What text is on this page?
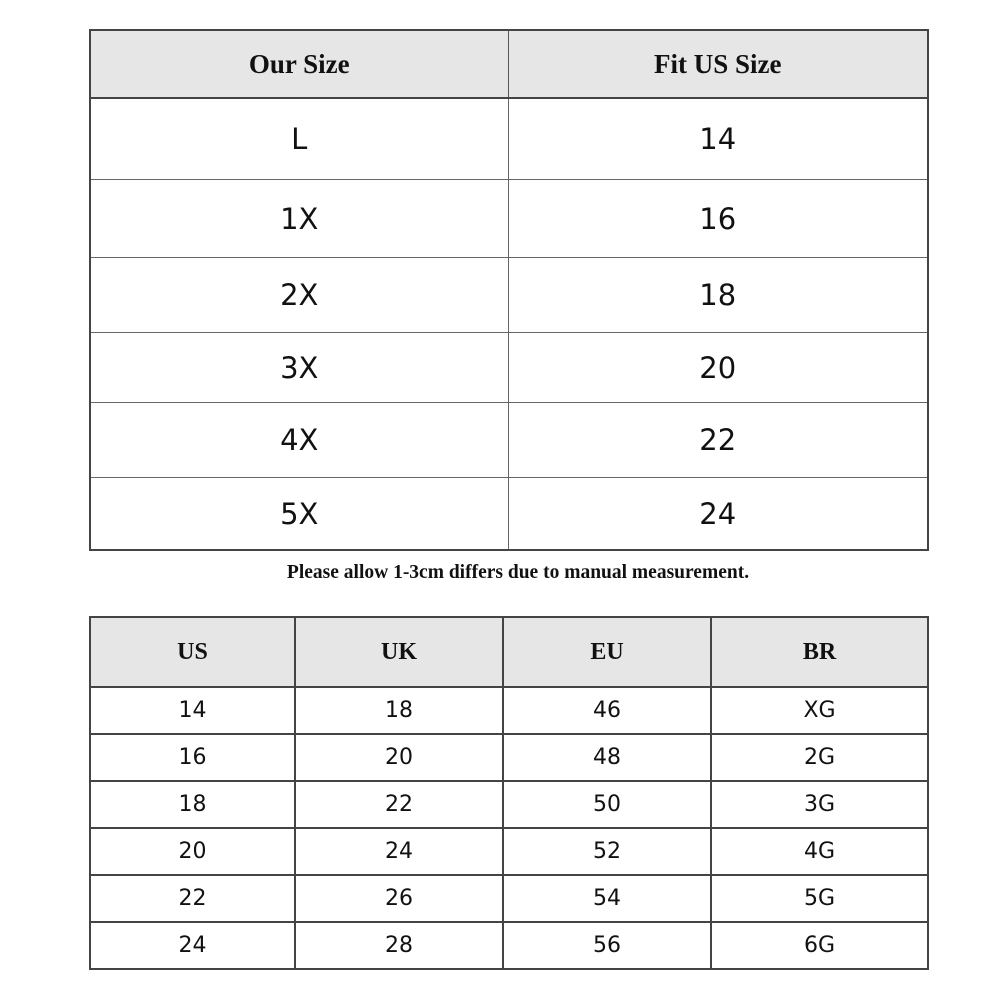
Our Size	Fit US Size
L	14
1X	16
2X	18
3X	20
4X	22
5X	24

Please allow 1-3cm differs due to manual measurement.

US	UK	EU	BR
14	18	46	XG
16	20	48	2G
18	22	50	3G
20	24	52	4G
22	26	54	5G
24	28	56	6G
